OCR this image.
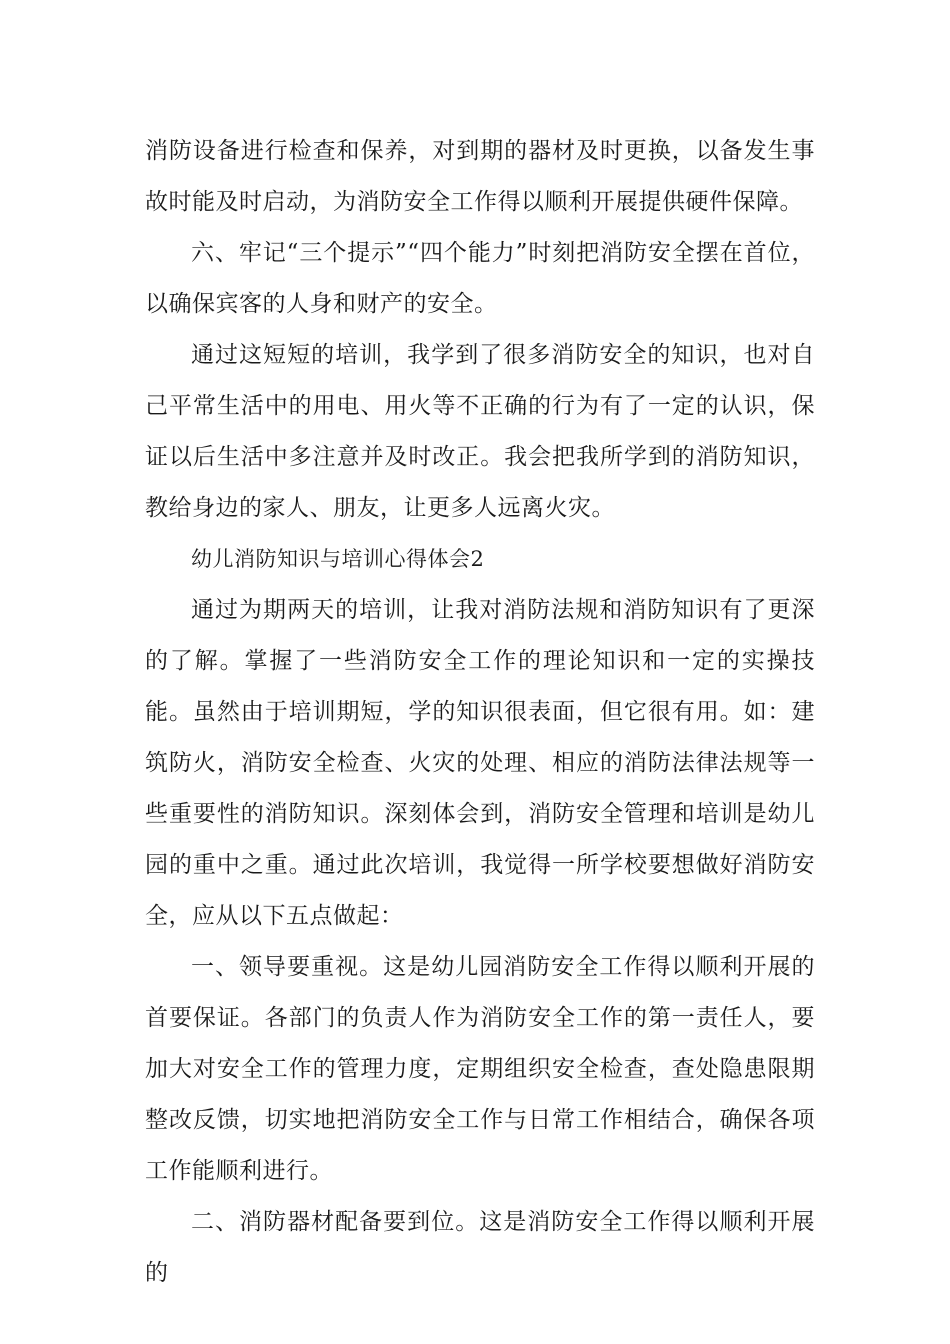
消防设备进行检查和保养，对到期的器材及时更换，以备发生事故时能及时启动，为消防安全工作得以顺利开展提供硬件保障。

六、牢记“三个提示”“四个能力”时刻把消防安全摆在首位，以确保宾客的人身和财产的安全。

通过这短短的培训，我学到了很多消防安全的知识，也对自己平常生活中的用电、用火等不正确的行为有了一定的认识，保证以后生活中多注意并及时改正。我会把我所学到的消防知识，教给身边的家人、朋友，让更多人远离火灾。

幼儿消防知识与培训心得体会2

通过为期两天的培训，让我对消防法规和消防知识有了更深的了解。掌握了一些消防安全工作的理论知识和一定的实操技能。虽然由于培训期短，学的知识很表面，但它很有用。如：建筑防火，消防安全检查、火灾的处理、相应的消防法律法规等一些重要性的消防知识。深刻体会到，消防安全管理和培训是幼儿园的重中之重。通过此次培训，我觉得一所学校要想做好消防安全，应从以下五点做起：

一、领导要重视。这是幼儿园消防安全工作得以顺利开展的首要保证。各部门的负责人作为消防安全工作的第一责任人，要加大对安全工作的管理力度，定期组织安全检查，查处隐患限期整改反馈，切实地把消防安全工作与日常工作相结合，确保各项工作能顺利进行。

二、消防器材配备要到位。这是消防安全工作得以顺利开展的
